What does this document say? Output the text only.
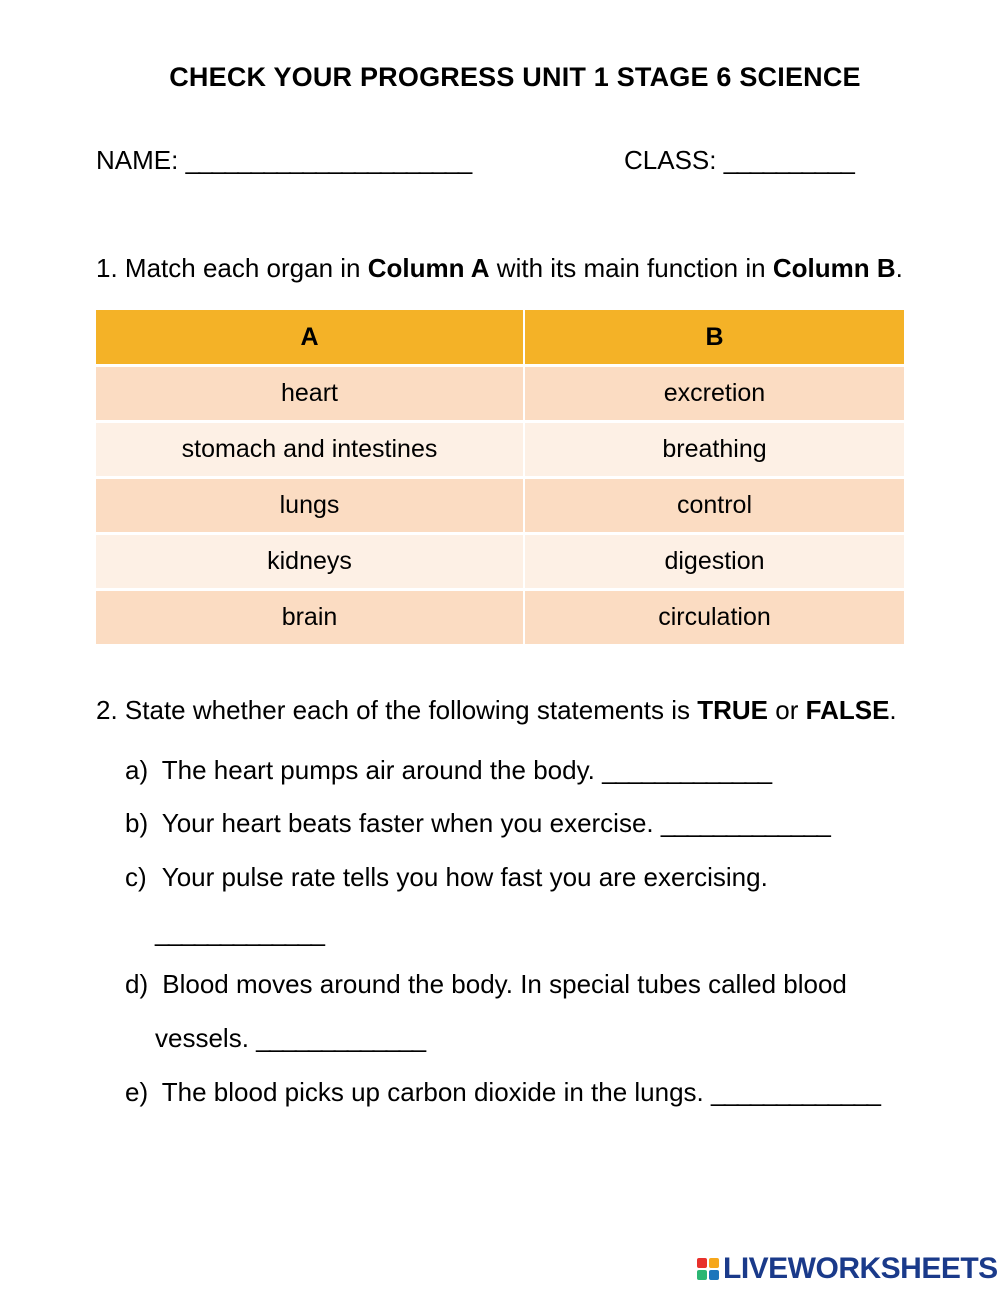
CHECK YOUR PROGRESS UNIT 1 STAGE 6 SCIENCE
NAME: ______________________	CLASS: __________
1. Match each organ in Column A with its main function in Column B.
A	B
heart	excretion
stomach and intestines	breathing
lungs	control
kidneys	digestion
brain	circulation
2. State whether each of the following statements is TRUE or FALSE.
a) The heart pumps air around the body. _____________
b) Your heart beats faster when you exercise. _____________
c) Your pulse rate tells you how fast you are exercising.
_____________
d) Blood moves around the body. In special tubes called blood
vessels. _____________
e) The blood picks up carbon dioxide in the lungs. _____________
LIVEWORKSHEETS
